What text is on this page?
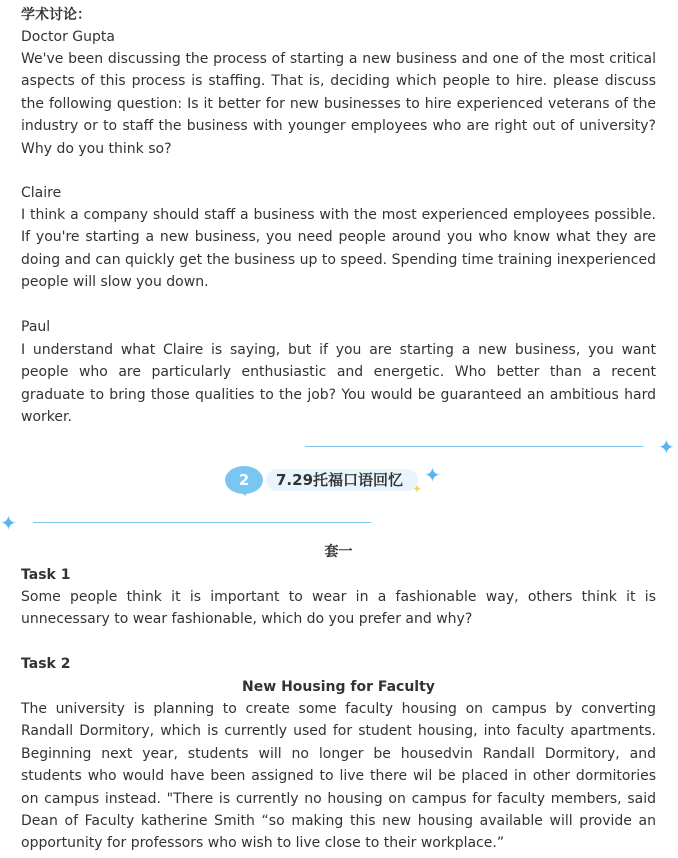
学术讨论：

Doctor Gupta

We've been discussing the process of starting a new business and one of the most critical aspects of this process is staffing. That is, deciding which people to hire. please discuss the following question: Is it better for new businesses to hire experienced veterans of the industry or to staff the business with younger employees who are right out of university? Why do you think so?

Claire

I think a company should staff a business with the most experienced employees possible. If you're starting a new business, you need people around you who know what they are doing and can quickly get the business up to speed. Spending time training inexperienced people will slow you down.

Paul

I understand what Claire is saying, but if you are starting a new business, you want people who are particularly enthusiastic and energetic. Who better than a recent graduate to bring those qualities to the job? You would be guaranteed an ambitious hard worker.

✦
2	7.29托福口语回忆 ✦
✦
✦

套一

Task 1

Some people think it is important to wear in a fashionable way, others think it is unnecessary to wear fashionable, which do you prefer and why?

Task 2

New Housing for Faculty

The university is planning to create some faculty housing on campus by converting Randall Dormitory, which is currently used for student housing, into faculty apartments. Beginning next year, students will no longer be housedvin Randall Dormitory, and students who would have been assigned to live there wil be placed in other dormitories on campus instead. "There is currently no housing on campus for faculty members, said Dean of Faculty katherine Smith “so making this new housing available will provide an opportunity for professors who wish to live close to their workplace.”
